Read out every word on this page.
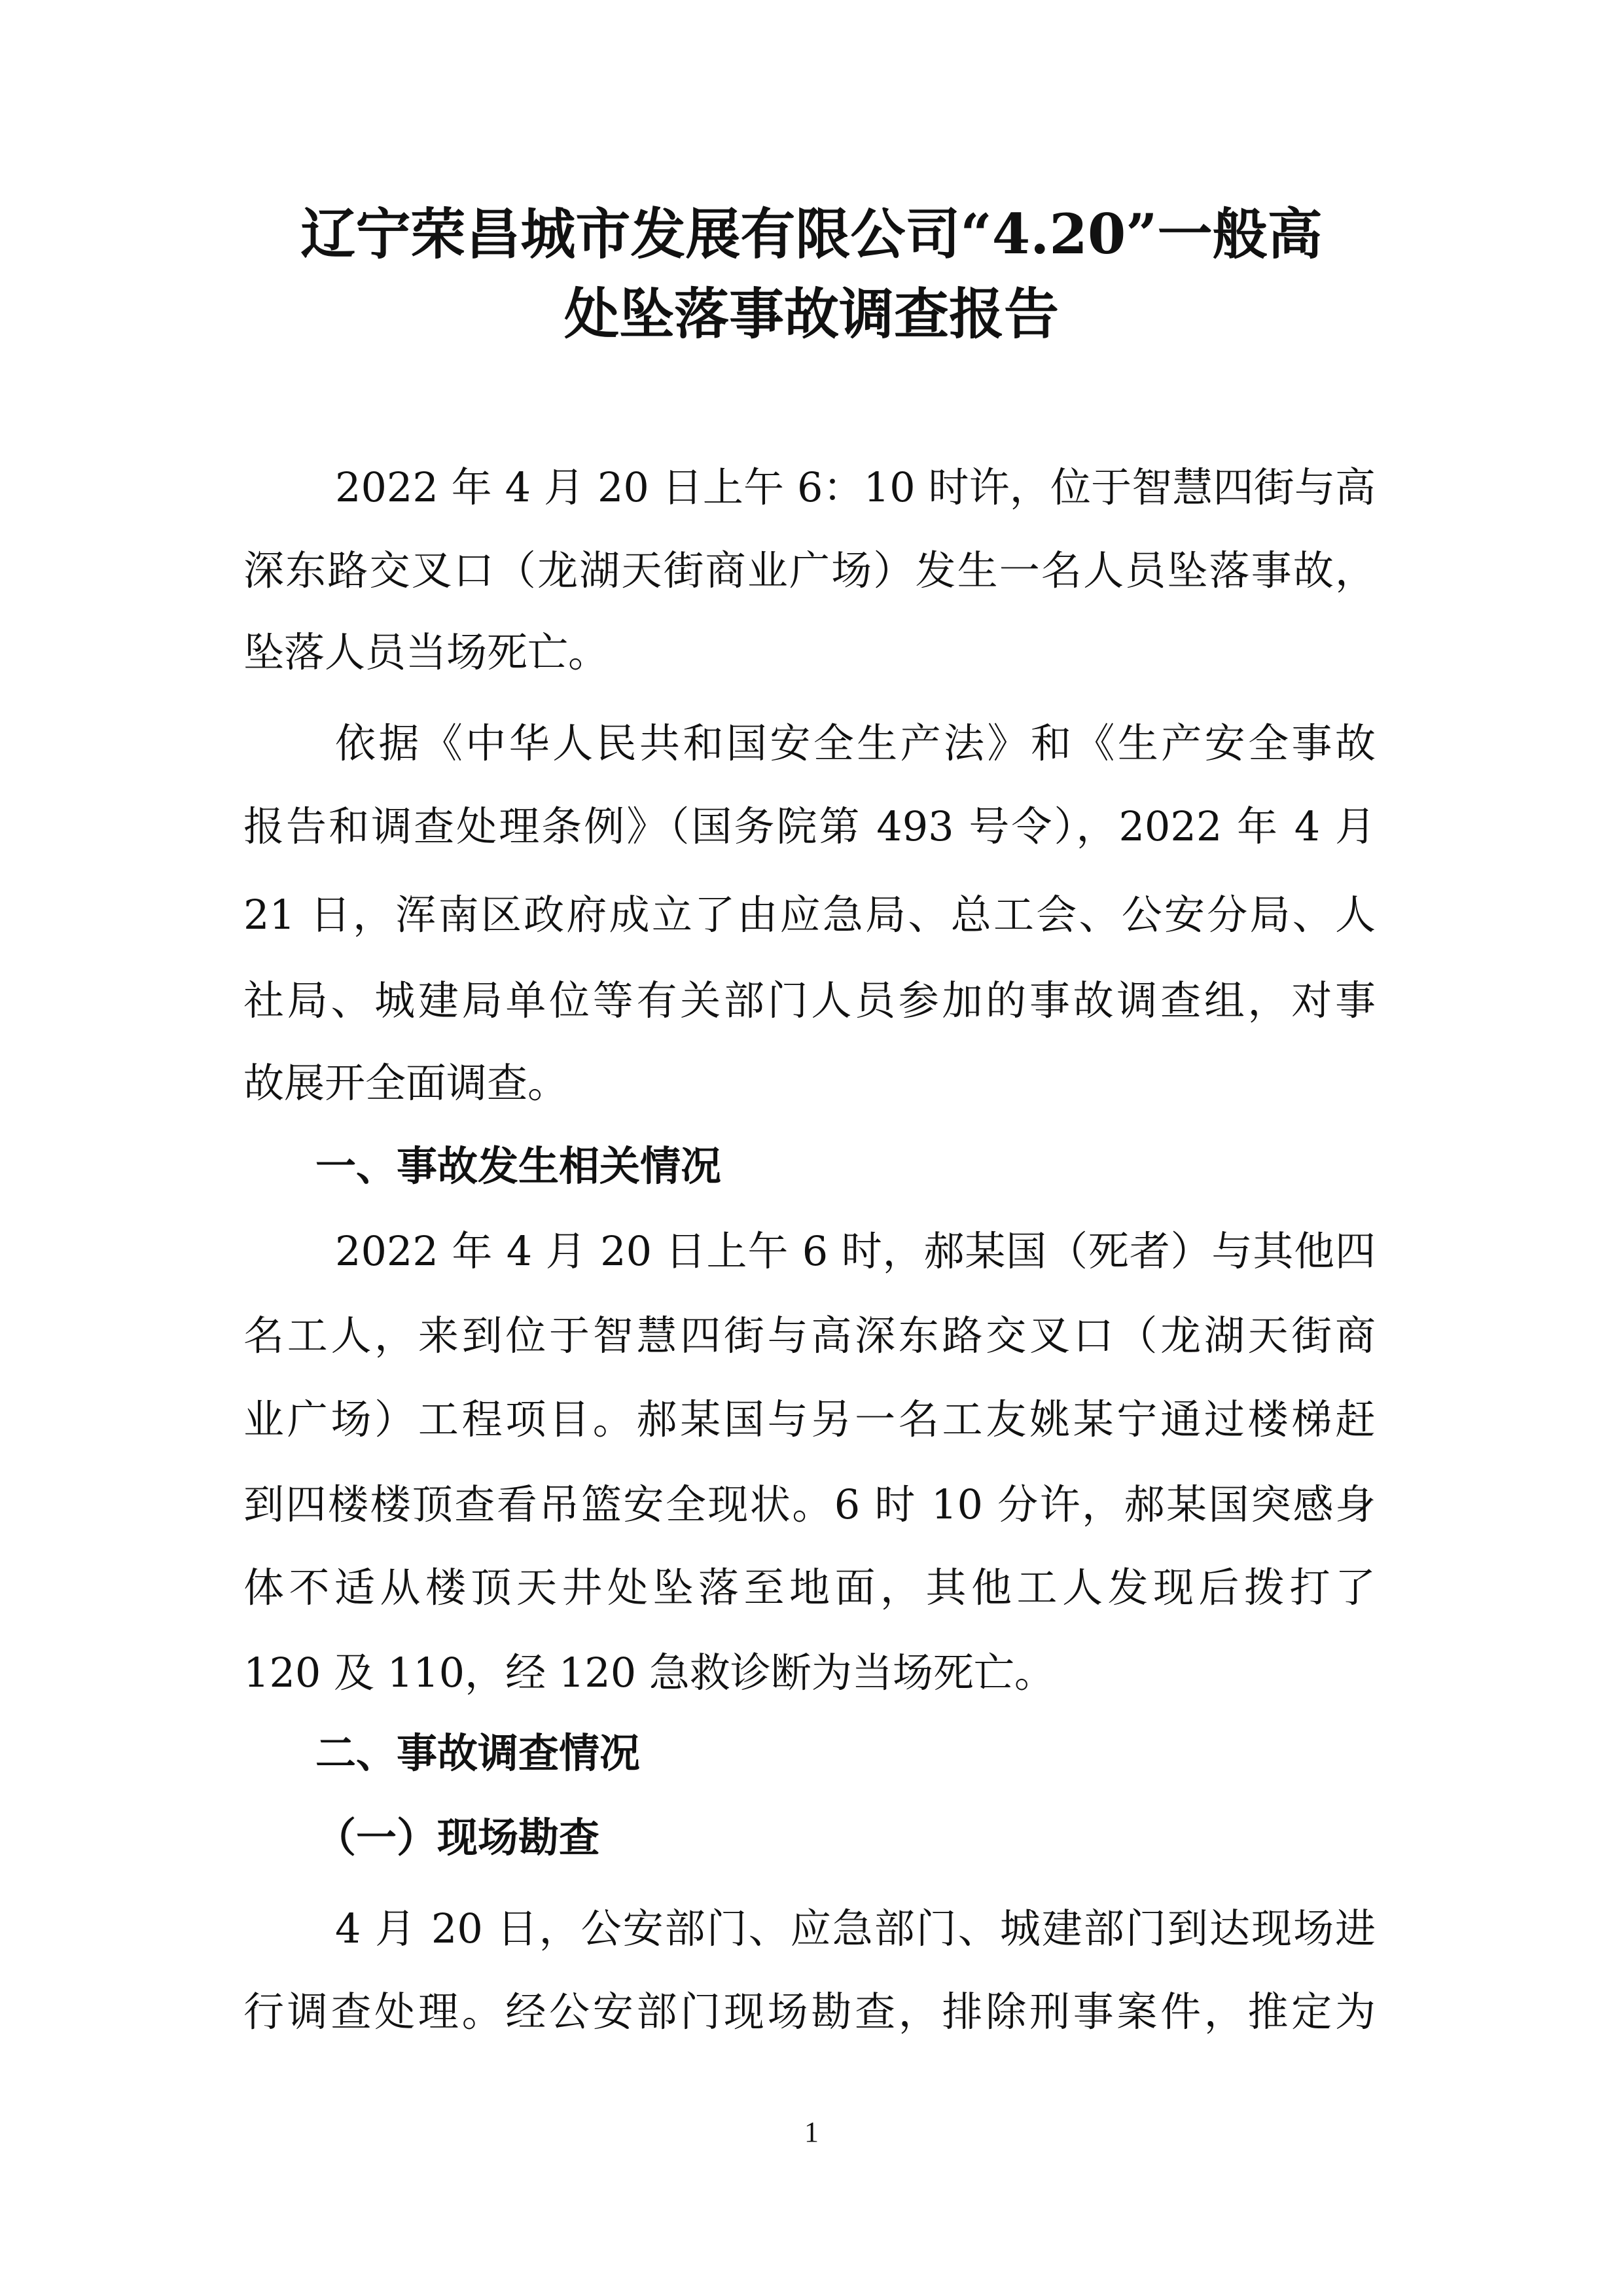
辽宁荣昌城市发展有限公司“4.20”一般高
处坠落事故调查报告
2022 年 4 月 20 日上午 6：10 时许，位于智慧四街与高
深东路交叉口（龙湖天街商业广场）发生一名人员坠落事故，
坠落人员当场死亡。
依据《中华人民共和国安全生产法》和《生产安全事故
报告和调查处理条例》（国务院第 493 号令），2022 年 4 月
21 日，浑南区政府成立了由应急局、总工会、公安分局、人
社局、城建局单位等有关部门人员参加的事故调查组，对事
故展开全面调查。
一、事故发生相关情况
2022 年 4 月 20 日上午 6 时，郝某国（死者）与其他四
名工人，来到位于智慧四街与高深东路交叉口（龙湖天街商
业广场）工程项目。郝某国与另一名工友姚某宁通过楼梯赶
到四楼楼顶查看吊篮安全现状。6 时 10 分许，郝某国突感身
体不适从楼顶天井处坠落至地面，其他工人发现后拨打了
120 及 110，经 120 急救诊断为当场死亡。
二、事故调查情况
（一）现场勘查
4 月 20 日，公安部门、应急部门、城建部门到达现场进
行调查处理。经公安部门现场勘查，排除刑事案件，推定为
1
